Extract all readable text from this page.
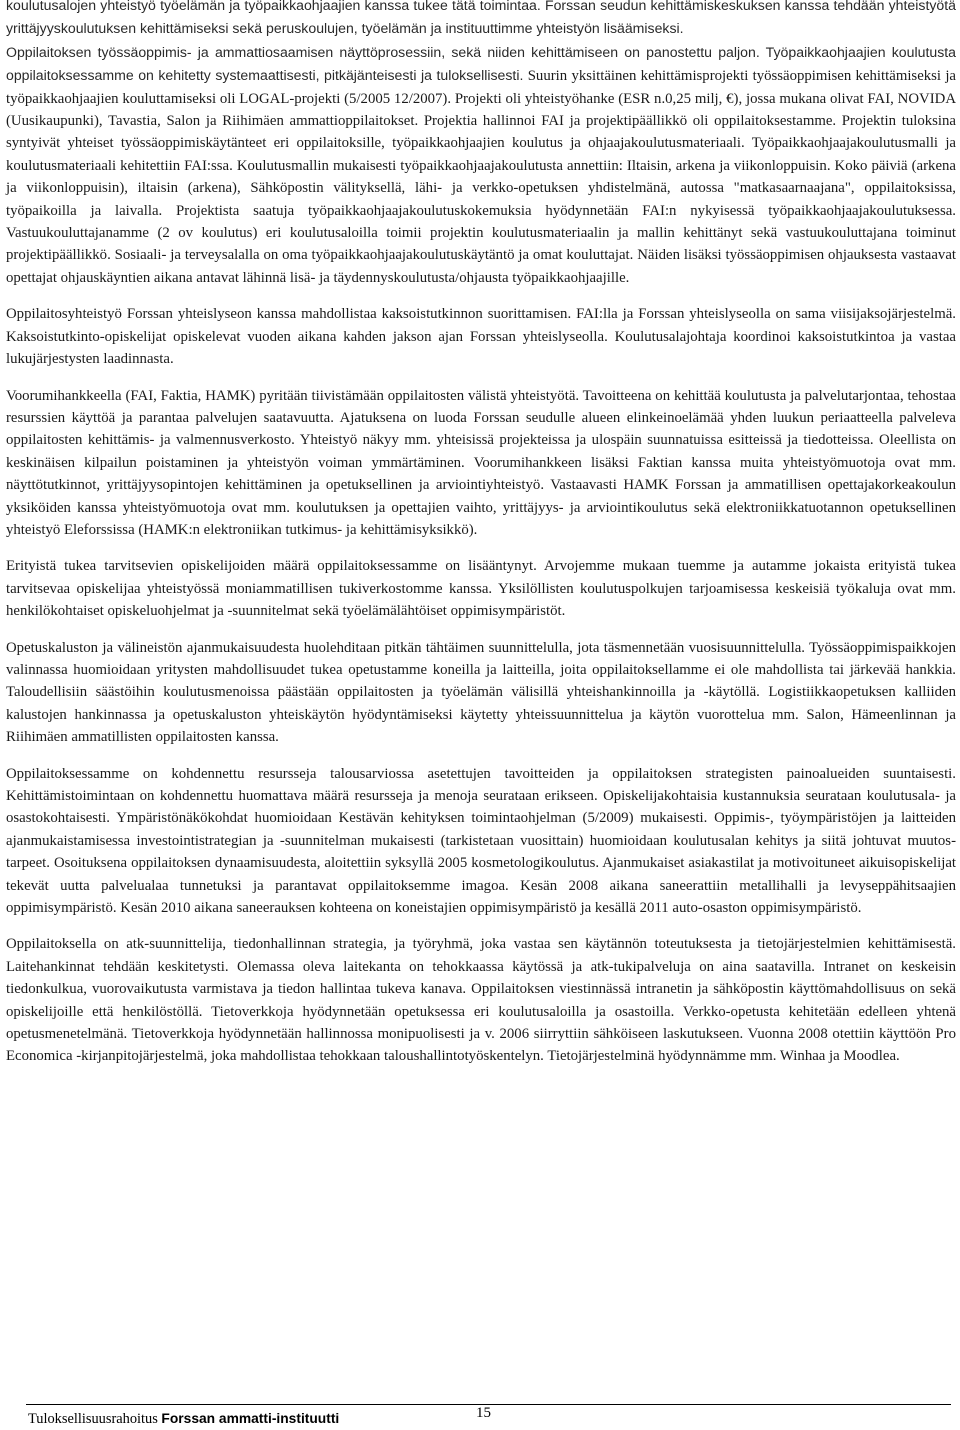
koulutusalojen yhteistyö työelämän ja työpaikkaohjaajien kanssa tukee tätä toimintaa. Forssan seudun kehittämiskeskuksen kanssa tehdään yhteistyötä yrittäjyyskoulutuksen kehittämiseksi sekä peruskoulujen, työelämän ja instituuttimme yhteistyön lisäämiseksi.

Oppilaitoksen työssäoppimis- ja ammattiosaamisen näyttöprosessiin, sekä niiden kehittämiseen on panostettu paljon. Työpaikkaohjaajien koulutusta oppilaitoksessamme on kehitetty systemaattisesti, pitkäjänteisesti ja tuloksellisesti. Suurin yksittäinen kehittämisprojekti työssäoppimisen kehittämiseksi ja työpaikkaohjaajien kouluttamiseksi oli LOGAL-projekti (5/2005 12/2007). Projekti oli yhteistyöhanke (ESR n.0,25 milj, €), jossa mukana olivat FAI, NOVIDA (Uusikaupunki), Tavastia, Salon ja Riihimäen ammattioppilaitokset. Projektia hallinnoi FAI ja projektipäällikkö oli oppilaitoksestamme. Projektin tuloksina syntyivät yhteiset työssäoppimiskäytänteet eri oppilaitoksille, työpaikkaohjaajien koulutus ja ohjaajakoulutusmateriaali. Työpaikkaohjaajakoulutusmalli ja koulutusmateriaali kehitettiin FAI:ssa. Koulutusmallin mukaisesti työpaikkaohjaajakoulutusta annettiin: Iltaisin, arkena ja viikonloppuisin. Koko päiviä (arkena ja viikonloppuisin), iltaisin (arkena), Sähköpostin välityksellä, lähi- ja verkko-opetuksen yhdistelmänä, autossa "matkasaarnaajana", oppilaitoksissa, työpaikoilla ja laivalla. Projektista saatuja työpaikkaohjaajakoulutuskokemuksia hyödynnetään FAI:n nykyisessä työpaikkaohjaajakoulutuksessa. Vastuukouluttajanamme (2 ov koulutus) eri koulutusaloilla toimii projektin koulutusmateriaalin ja mallin kehittänyt sekä vastuukouluttajana toiminut projektipäällikkö. Sosiaali- ja terveysalalla on oma työpaikkaohjaajakoulutuskäytäntö ja omat kouluttajat. Näiden lisäksi työssäoppimisen ohjauksesta vastaavat opettajat ohjauskäyntien aikana antavat lähinnä lisä- ja täydennyskoulutusta/ohjausta työpaikkaohjaajille.

Oppilaitosyhteistyö Forssan yhteislyseon kanssa mahdollistaa kaksoistutkinnon suorittamisen. FAI:lla ja Forssan yhteislyseolla on sama viisijaksojärjestelmä. Kaksoistutkinto-opiskelijat opiskelevat vuoden aikana kahden jakson ajan Forssan yhteislyseolla. Koulutusalajohtaja koordinoi kaksoistutkintoa ja vastaa lukujärjestysten laadinnasta.

Voorumihankkeella (FAI, Faktia, HAMK) pyritään tiivistämään oppilaitosten välistä yhteistyötä. Tavoitteena on kehittää koulutusta ja palvelutarjontaa, tehostaa resurssien käyttöä ja parantaa palvelujen saatavuutta. Ajatuksena on luoda Forssan seudulle alueen elinkeinoelämää yhden luukun periaatteella palveleva oppilaitosten kehittämis- ja valmennusverkosto. Yhteistyö näkyy mm. yhteisissä projekteissa ja ulospäin suunnatuissa esitteissä ja tiedotteissa. Oleellista on keskinäisen kilpailun poistaminen ja yhteistyön voiman ymmärtäminen. Voorumihankkeen lisäksi Faktian kanssa muita yhteistyömuotoja ovat mm. näyttötutkinnot, yrittäjyysopintojen kehittäminen ja opetuksellinen ja arviointiyhteistyö. Vastaavasti HAMK Forssan ja ammatillisen opettajakorkeakoulun yksiköiden kanssa yhteistyömuotoja ovat mm. koulutuksen ja opettajien vaihto, yrittäjyys- ja arviointikoulutus sekä elektroniikkatuotannon opetuksellinen yhteistyö Eleforssissa (HAMK:n elektroniikan tutkimus- ja kehittämisyksikkö).

Erityistä tukea tarvitsevien opiskelijoiden määrä oppilaitoksessamme on lisääntynyt. Arvojemme mukaan tuemme ja autamme jokaista erityistä tukea tarvitsevaa opiskelijaa yhteistyössä moniammatillisen tukiverkostomme kanssa. Yksilöllisten koulutuspolkujen tarjoamisessa keskeisiä työkaluja ovat mm. henkilökohtaiset opiskeluohjelmat ja -suunnitelmat sekä työelämälähtöiset oppimisympäristöt.

Opetuskaluston ja välineistön ajanmukaisuudesta huolehditaan pitkän tähtäimen suunnittelulla, jota täsmennetään vuosisuunnittelulla. Työssäoppimispaikkojen valinnassa huomioidaan yritysten mahdollisuudet tukea opetustamme koneilla ja laitteilla, joita oppilaitoksellamme ei ole mahdollista tai järkevää hankkia. Taloudellisiin säästöihin koulutusmenoissa päästään oppilaitosten ja työelämän välisillä yhteishankinnoilla ja -käytöllä. Logistiikkaopetuksen kalliiden kalustojen hankinnassa ja opetuskaluston yhteiskäytön hyödyntämiseksi käytetty yhteissuunnittelua ja käytön vuorottelua mm. Salon, Hämeenlinnan ja Riihimäen ammatillisten oppilaitosten kanssa.

Oppilaitoksessamme on kohdennettu resursseja talousarviossa asetettujen tavoitteiden ja oppilaitoksen strategisten painoalueiden suuntaisesti. Kehittämistoimintaan on kohdennettu huomattava määrä resursseja ja menoja seurataan erikseen. Opiskelijakohtaisia kustannuksia seurataan koulutusala- ja osastokohtaisesti. Ympäristönäkökohdat huomioidaan Kestävän kehityksen toimintaohjelman (5/2009) mukaisesti. Oppimis-, työympäristöjen ja laitteiden ajanmukaistamisessa investointistrategian ja -suunnitelman mukaisesti (tarkistetaan vuosittain) huomioidaan koulutusalan kehitys ja siitä johtuvat muutostarpeet. Osoituksena oppilaitoksen dynaamisuudesta, aloitettiin syksyllä 2005 kosmetologikoulutus. Ajanmukaiset asiakastilat ja motivoituneet aikuisopiskelijat tekevät uutta palvelualaa tunnetuksi ja parantavat oppilaitoksemme imagoa. Kesän 2008 aikana saneerattiin metallihalli ja levyseppähitsaajien oppimisympäristö. Kesän 2010 aikana saneerauksen kohteena on koneistajien oppimisympäristö ja kesällä 2011 auto-osaston oppimisympäristö.

Oppilaitoksella on atk-suunnittelija, tiedonhallinnan strategia, ja työryhmä, joka vastaa sen käytännön toteutuksesta ja tietojärjestelmien kehittämisestä. Laitehankinnat tehdään keskitetysti. Olemassa oleva laitekanta on tehokkaassa käytössä ja atk-tukipalveluja on aina saatavilla. Intranet on keskeisin tiedonkulkua, vuorovaikutusta varmistava ja tiedon hallintaa tukeva kanava. Oppilaitoksen viestinnässä intranetin ja sähköpostin käyttömahdollisuus on sekä opiskelijoille että henkilöstöllä. Tietoverkkoja hyödynnetään opetuksessa eri koulutusaloilla ja osastoilla. Verkko-opetusta kehitetään edelleen yhtenä opetusmenetelmänä. Tietoverkkoja hyödynnetään hallinnossa monipuolisesti ja v. 2006 siirryttiin sähköiseen laskutukseen. Vuonna 2008 otettiin käyttöön Pro Economica -kirjanpitojärjestelmä, joka mahdollistaa tehokkaan taloushallintotyöskentelyn. Tietojärjestelminä hyödynnämme mm. Winhaa ja Moodlea.

Tuloksellisuusrahoitus Forssan ammatti-instituutti	15
